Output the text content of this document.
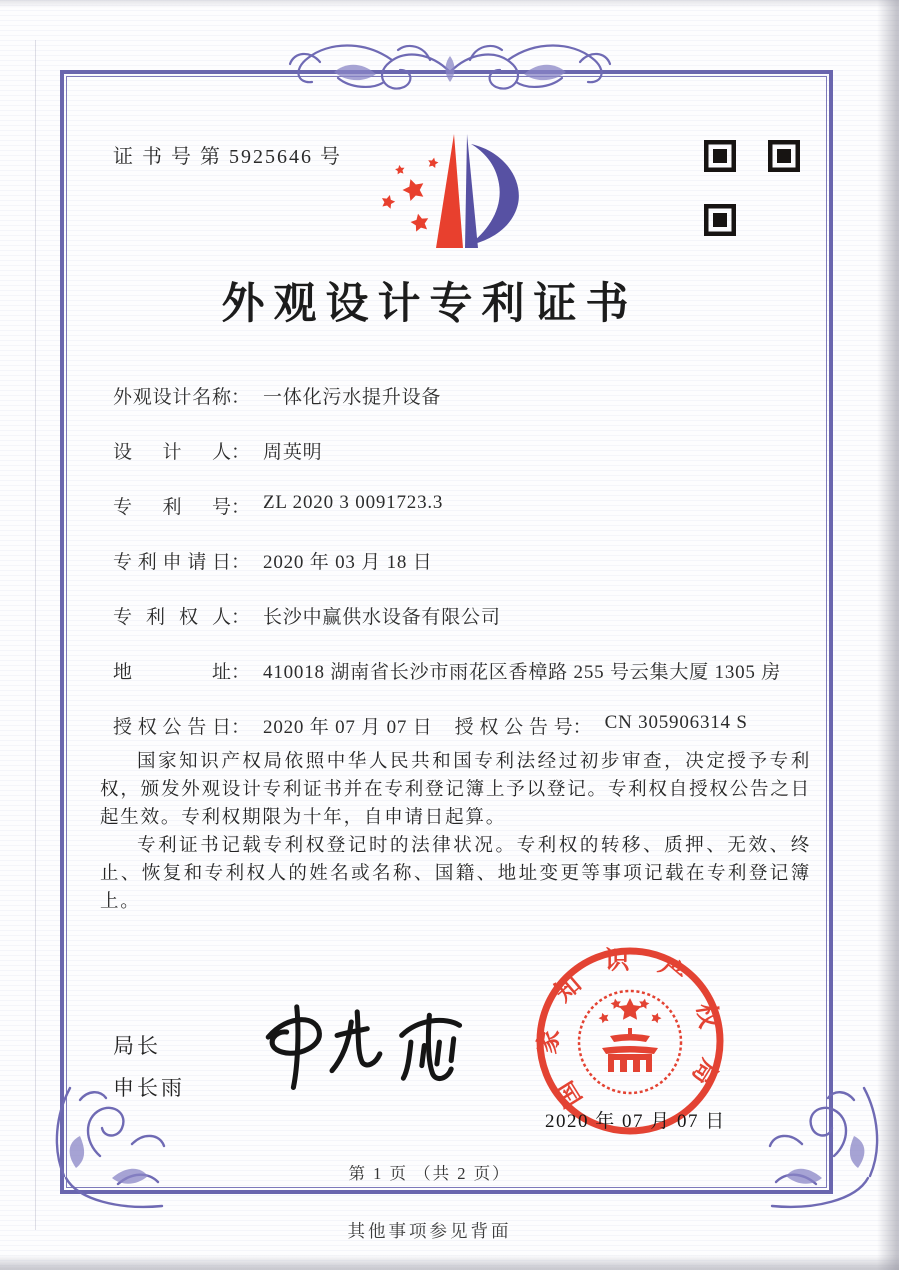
证 书 号 第 5925646 号
外观设计专利证书
外观设计名称 ： 一体化污水提升设备
设计人 ： 周英明
专利号 ： ZL 2020 3 0091723.3
专利申请日 ： 2020 年 03 月 18 日
专利权人 ： 长沙中赢供水设备有限公司
地址 ： 410018 湖南省长沙市雨花区香樟路 255 号云集大厦 1305 房
授权公告日 ： 2020 年 07 月 07 日 授权公告号 ： CN 305906314 S

国家知识产权局依照中华人民共和国专利法经过初步审查，决定授予专利权，颁发外观设计专利证书并在专利登记簿上予以登记。专利权自授权公告之日起生效。专利权期限为十年，自申请日起算。

专利证书记载专利权登记时的法律状况。专利权的转移、质押、无效、终止、恢复和专利权人的姓名或名称、国籍、地址变更等事项记载在专利登记簿上。

局长
申长雨	国家知识产权局
2020 年 07 月 07 日
第 1 页 （共 2 页）
其他事项参见背面
